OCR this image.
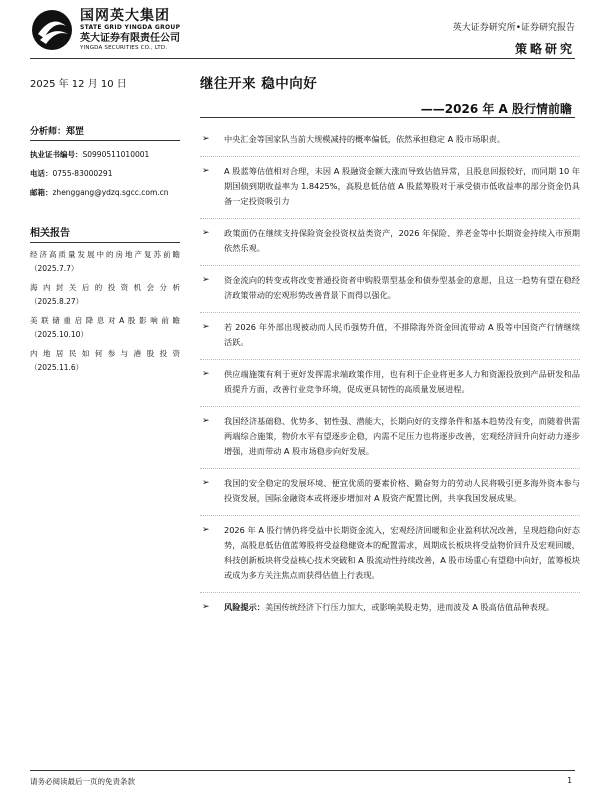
国网英大集团
STATE GRID YINGDA GROUP
英大证券有限责任公司
YINGDA SECURITIES CO., LTD.
英大证券研究所•证券研究报告
策略研究
2025 年 12 月 10 日	继往开来 稳中向好
——2026 年 A 股行情前瞻
分析师：郑罡
执业证书编号：S0990511010001
电话：0755-83000291
邮箱：zhenggang@ydzq.sgcc.com.cn
相关报告
经济高质量发展中的房地产复苏前瞻
（2025.7.7）
海内封关后的投资机会分析
（2025.8.27）
美联储重启降息对A股影响前瞻
（2025.10.10）
内地居民如何参与港股投资
（2025.11.6）
➢ 中央汇金等国家队当前大规模减持的概率偏低，依然承担稳定 A 股市场职责。
➢ A 股蓝筹估值相对合理，未因 A 股融资金额大涨而导致估值异常，且股息回报较好，而同期 10 年期国债到期收益率为 1.8425%，高股息低估值 A 股蓝筹股对于承受债市低收益率的部分资金仍具备一定投资吸引力
➢ 政策面仍在继续支持保险资金投资权益类资产，2026 年保险、养老金等中长期资金持续入市预期依然乐观。
➢ 资金流向的转变或将改变普通投资者申购股票型基金和债券型基金的意愿，且这一趋势有望在稳经济政策带动的宏观形势改善背景下而得以强化。
➢ 若 2026 年外部出现被动而人民币强势升值，不排除海外资金回流带动 A 股等中国资产行情继续活跃。
➢ 供应端施策有利于更好发挥需求端政策作用，也有利于企业将更多人力和资源投放到产品研发和品质提升方面，改善行业竞争环境，促成更具韧性的高质量发展进程。
➢ 我国经济基础稳、优势多、韧性强、潜能大，长期向好的支撑条件和基本趋势没有变，而随着供需两端综合施策，物价水平有望逐步企稳，内需不足压力也将逐步改善，宏观经济回升向好动力逐步增强，进而带动 A 股市场稳步向好发展。
➢ 我国的安全稳定的发展环境、便宜优质的要素价格、勤奋努力的劳动人民将吸引更多海外资本参与投资发展，国际金融资本或将逐步增加对 A 股资产配置比例，共享我国发展成果。
➢ 2026 年 A 股行情仍将受益中长期资金流入，宏观经济回暖和企业盈利状况改善，呈现趋稳向好态势，高股息低估值蓝筹股将受益稳健资本的配置需求，周期成长板块将受益物价回升及宏观回暖，科技创新板块将受益核心技术突破和 A 股流动性持续改善，A 股市场重心有望稳中向好，蓝筹板块或成为多方关注焦点而获得估值上行表现。
➢ 风险提示：美国传统经济下行压力加大，或影响美股走势，进而波及 A 股高估值品种表现。
请务必阅读最后一页的免责条款	1
